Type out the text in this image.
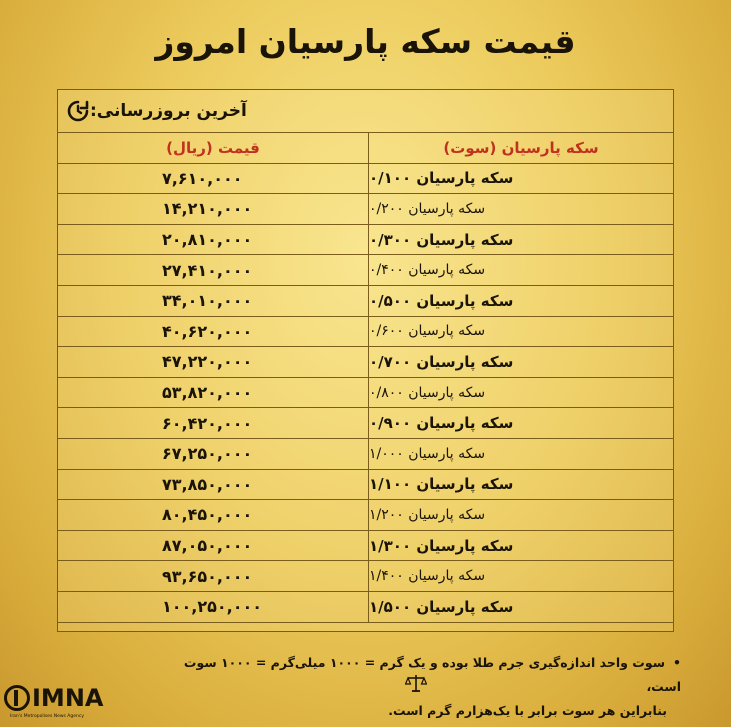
قیمت سکه پارسیان امروز
آخرین بروزرسانی:
قیمت (ریال)	سکه پارسیان (سوت)
۷,۶۱۰,۰۰۰	سکه پارسیان ۰/۱۰۰
۱۴,۲۱۰,۰۰۰	سکه پارسیان ۰/۲۰۰
۲۰,۸۱۰,۰۰۰	سکه پارسیان ۰/۳۰۰
۲۷,۴۱۰,۰۰۰	سکه پارسیان ۰/۴۰۰
۳۴,۰۱۰,۰۰۰	سکه پارسیان ۰/۵۰۰
۴۰,۶۲۰,۰۰۰	سکه پارسیان ۰/۶۰۰
۴۷,۲۲۰,۰۰۰	سکه پارسیان ۰/۷۰۰
۵۳,۸۲۰,۰۰۰	سکه پارسیان ۰/۸۰۰
۶۰,۴۲۰,۰۰۰	سکه پارسیان ۰/۹۰۰
۶۷,۲۵۰,۰۰۰	سکه پارسیان ۱/۰۰۰
۷۳,۸۵۰,۰۰۰	سکه پارسیان ۱/۱۰۰
۸۰,۴۵۰,۰۰۰	سکه پارسیان ۱/۲۰۰
۸۷,۰۵۰,۰۰۰	سکه پارسیان ۱/۳۰۰
۹۳,۶۵۰,۰۰۰	سکه پارسیان ۱/۴۰۰
۱۰۰,۲۵۰,۰۰۰	سکه پارسیان ۱/۵۰۰
•سوت واحد اندازه‌گیری جرم طلا بوده و یک گرم = ۱۰۰۰ میلی‌گرم = ۱۰۰۰ سوت است،
بنابراین هر سوت برابر با یک‌هزارم گرم است.
IMNA
Iran's Metropolises News Agency
